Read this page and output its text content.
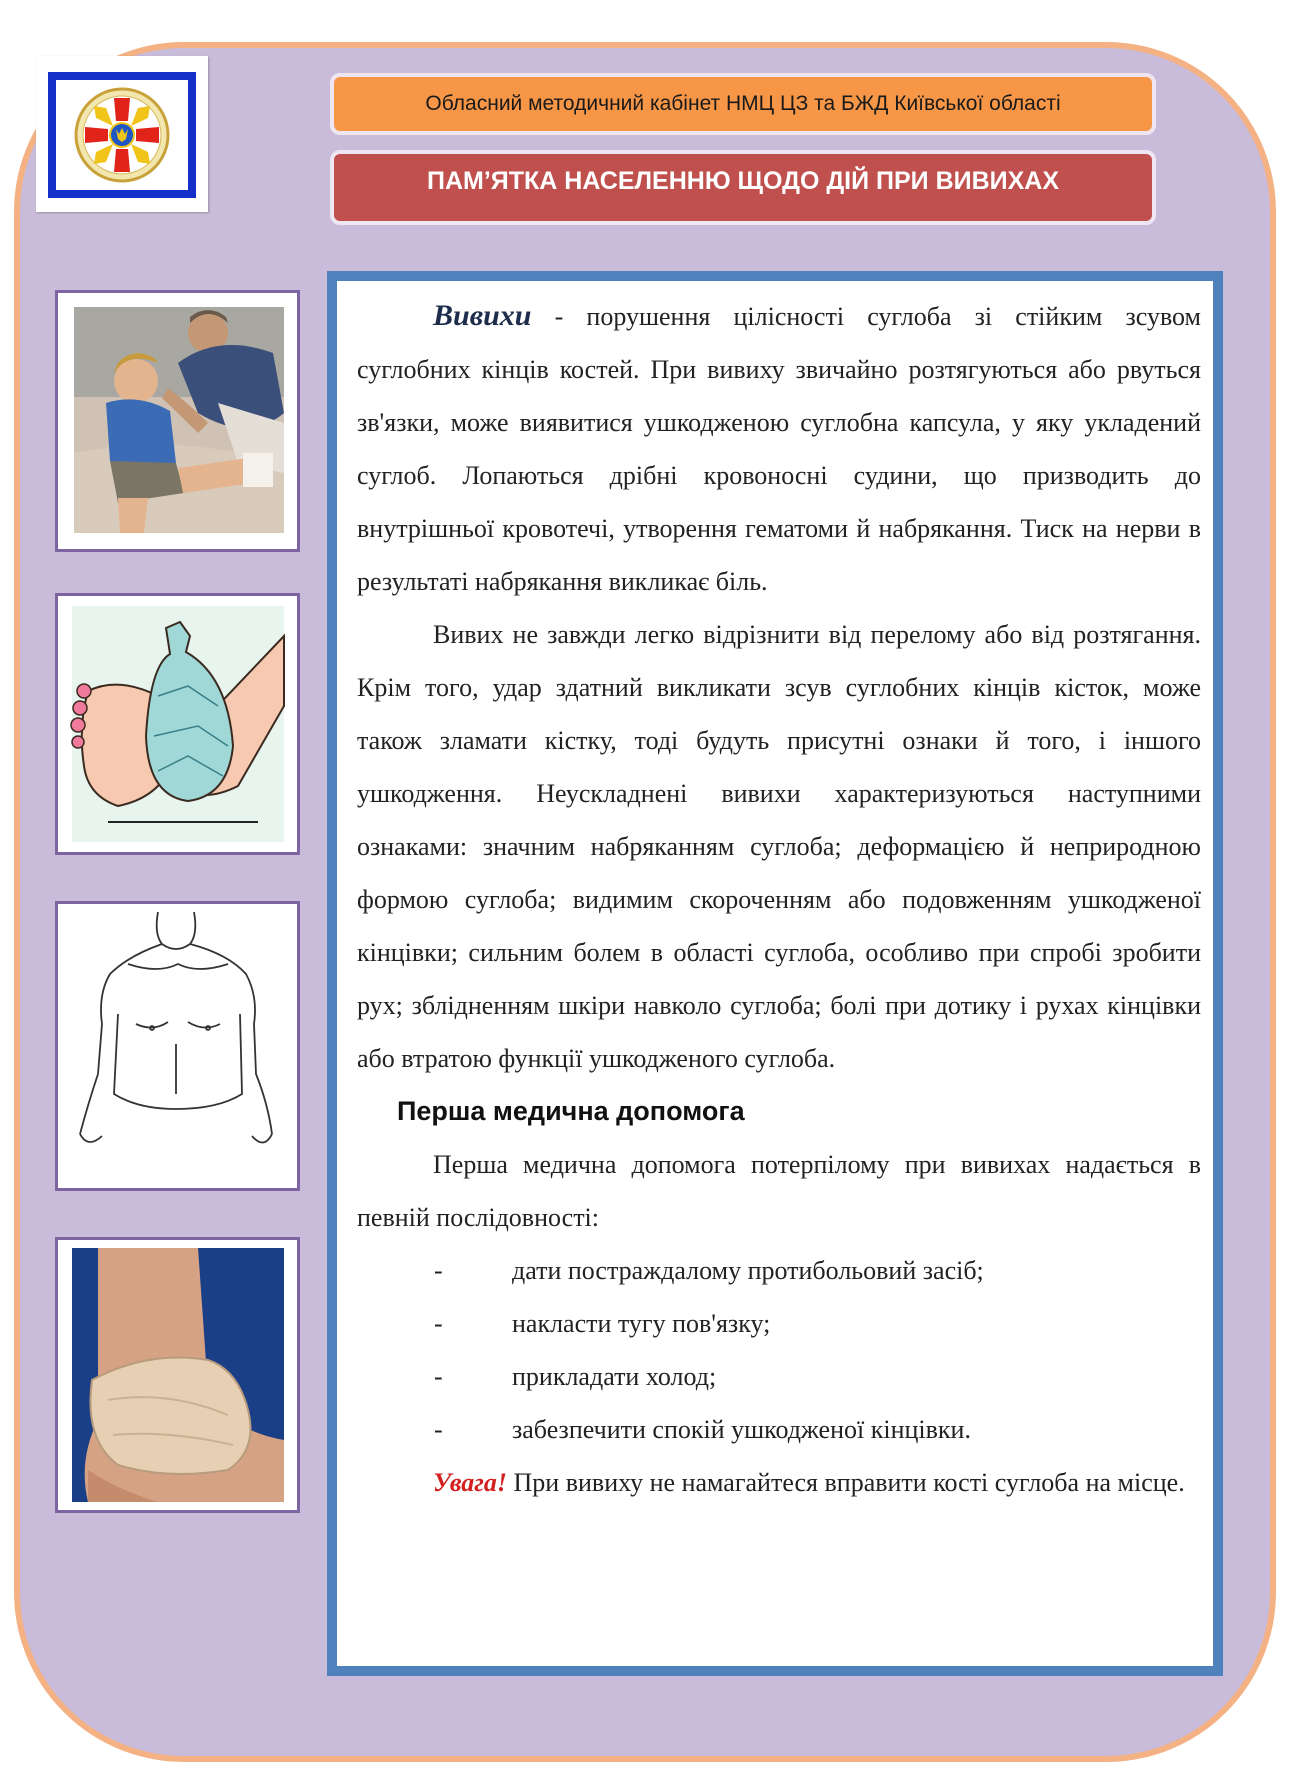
Обласний методичний кабінет НМЦ ЦЗ та БЖД Київської області
ПАМ’ЯТКА НАСЕЛЕННЮ ЩОДО ДІЙ ПРИ ВИВИХАХ

Вивихи - порушення цілісності суглоба зі стійким зсувом суглобних кінців костей. При вивиху звичайно розтягуються або рвуться зв'язки, може виявитися ушкодженою суглобна капсула, у яку укладений суглоб. Лопаються дрібні кровоносні судини, що призводить до внутрішньої кровотечі, утворення гематоми й набрякання. Тиск на нерви в результаті набрякання викликає біль.

Вивих не завжди легко відрізнити від перелому або від розтягання. Крім того, удар здатний викликати зсув суглобних кінців кісток, може також зламати кістку, тоді будуть присутні ознаки й того, і іншого ушкодження. Неускладнені вивихи характеризуються наступними ознаками: значним набряканням суглоба; деформацією й неприродною формою суглоба; видимим скороченням або подовженням ушкодженої кінцівки; сильним болем в області суглоба, особливо при спробі зробити рух; зблідненням шкіри навколо суглоба; болі при дотику і рухах кінцівки або втратою функції ушкодженого суглоба.

Перша медична допомога

Перша медична допомога потерпілому при вивихах надається в певній послідовності:

-	дати постраждалому протибольовий засіб;
-	накласти тугу пов'язку;
-	прикладати холод;
-	забезпечити спокій ушкодженої кінцівки.

Увага! При вивиху не намагайтеся вправити кості суглоба на місце.
